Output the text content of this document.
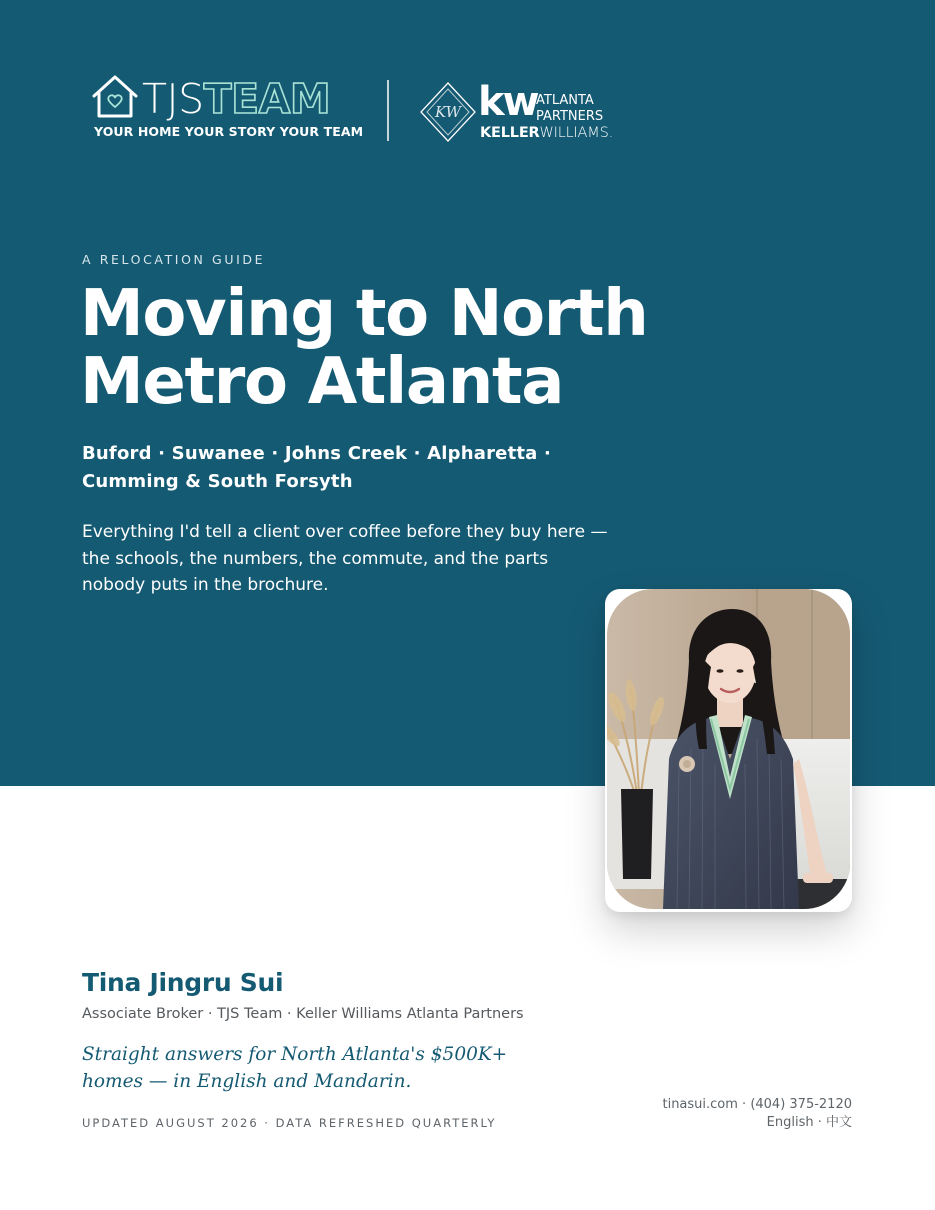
TJSTEAM
YOUR HOME YOUR STORY YOUR TEAM
KW kw
ATLANTA
PARTNERS
KELLERWILLIAMS.
A RELOCATION GUIDE
Moving to North
Metro Atlanta
Buford · Suwanee · Johns Creek · Alpharetta · Cumming & South Forsyth

Everything I'd tell a client over coffee before they buy here — the schools, the numbers, the commute, and the parts nobody puts in the brochure.

Tina Jingru Sui
Associate Broker · TJS Team · Keller Williams Atlanta Partners

Straight answers for North Atlanta's $500K+ homes — in English and Mandarin.

UPDATED AUGUST 2026 · DATA REFRESHED QUARTERLY
tinasui.com · (404) 375-2120
English · 中文
